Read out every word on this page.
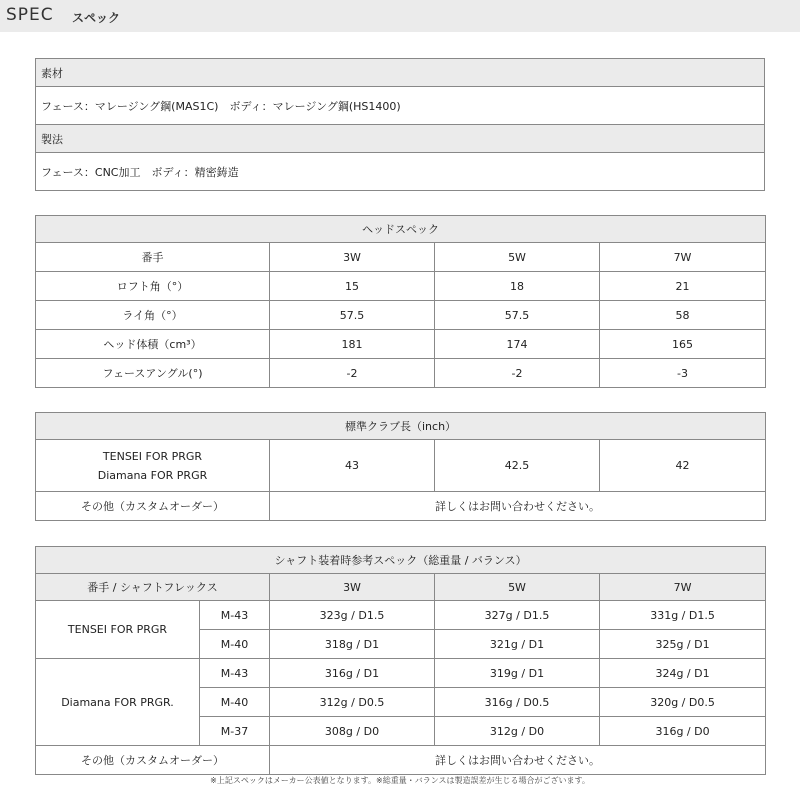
SPEC スペック
素材
フェース：マレージング鋼(MAS1C)　ボディ：マレージング鋼(HS1400)
製法
フェース：CNC加工　ボディ：精密鋳造
ヘッドスペック			
番手	3W	5W	7W
ロフト角（°）	15	18	21
ライ角（°）	57.5	57.5	58
ヘッド体積（cm³）	181	174	165
フェースアングル(°)	-2	-2	-3
標準クラブ長（inch）			
TENSEI FOR PRGR
Diamana FOR PRGR	43	42.5	42
その他（カスタムオーダー）	詳しくはお問い合わせください。		
シャフト装着時参考スペック（総重量 / バランス）				
番手 / シャフトフレックス		3W	5W	7W
TENSEI FOR PRGR	M-43	323g / D1.5	327g / D1.5	331g / D1.5
	M-40	318g / D1	321g / D1	325g / D1
Diamana FOR PRGR.	M-43	316g / D1	319g / D1	324g / D1
	M-40	312g / D0.5	316g / D0.5	320g / D0.5
	M-37	308g / D0	312g / D0	316g / D0
その他（カスタムオーダー）		詳しくはお問い合わせください。		
※上記スペックはメーカー公表値となります。※総重量・バランスは製造誤差が生じる場合がございます。
